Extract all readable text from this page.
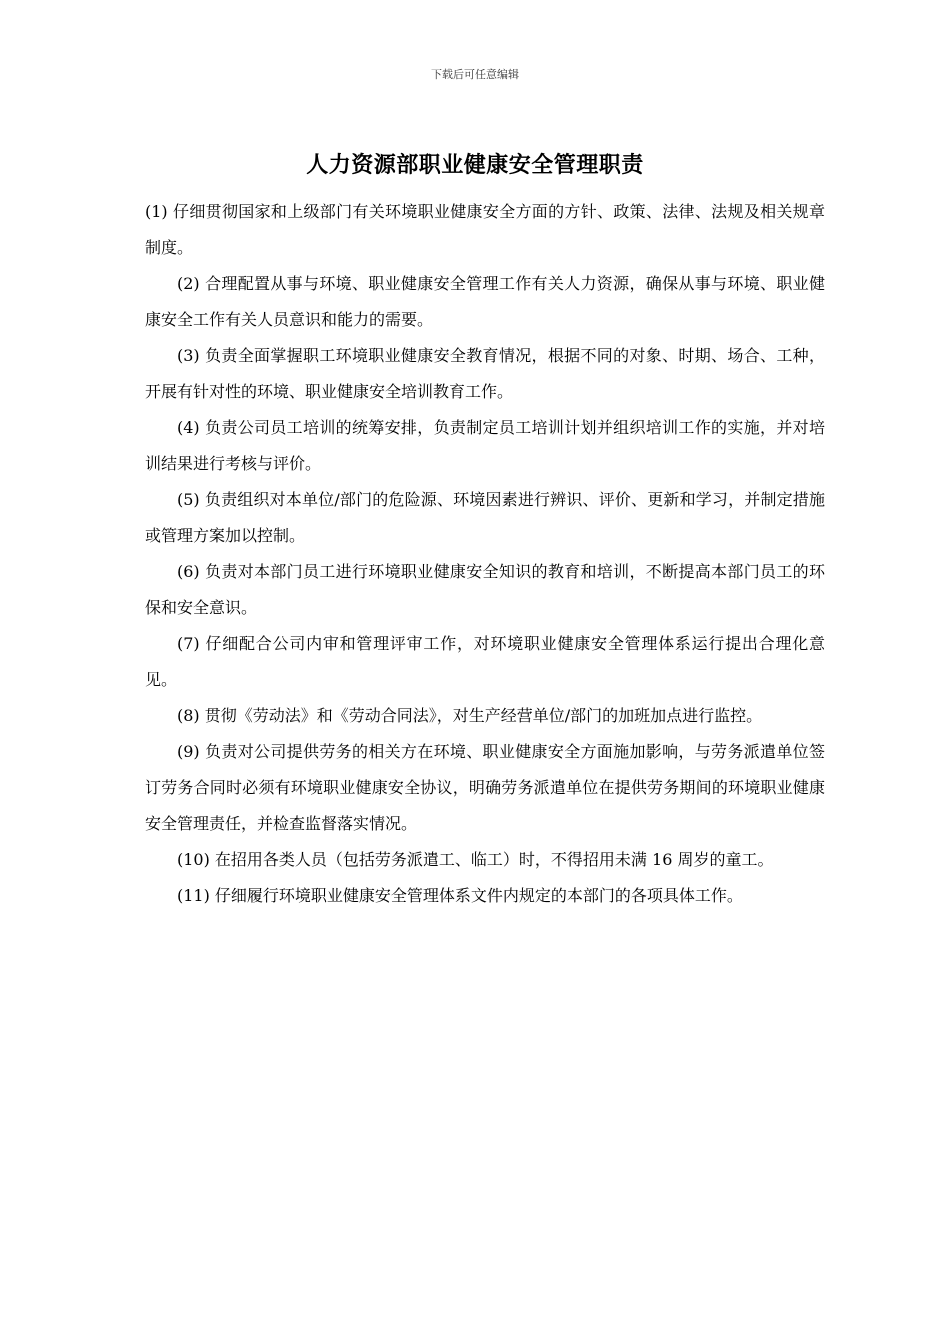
下载后可任意编辑
人力资源部职业健康安全管理职责

(1) 仔细贯彻国家和上级部门有关环境职业健康安全方面的方针、政策、法律、法规及相关规章制度。

(2) 合理配置从事与环境、职业健康安全管理工作有关人力资源，确保从事与环境、职业健康安全工作有关人员意识和能力的需要。

(3) 负责全面掌握职工环境职业健康安全教育情况，根据不同的对象、时期、场合、工种，开展有针对性的环境、职业健康安全培训教育工作。

(4) 负责公司员工培训的统筹安排，负责制定员工培训计划并组织培训工作的实施，并对培训结果进行考核与评价。

(5) 负责组织对本单位/部门的危险源、环境因素进行辨识、评价、更新和学习，并制定措施或管理方案加以控制。

(6) 负责对本部门员工进行环境职业健康安全知识的教育和培训，不断提高本部门员工的环保和安全意识。

(7) 仔细配合公司内审和管理评审工作，对环境职业健康安全管理体系运行提出合理化意见。

(8) 贯彻《劳动法》和《劳动合同法》，对生产经营单位/部门的加班加点进行监控。

(9) 负责对公司提供劳务的相关方在环境、职业健康安全方面施加影响，与劳务派遣单位签订劳务合同时必须有环境职业健康安全协议，明确劳务派遣单位在提供劳务期间的环境职业健康安全管理责任，并检查监督落实情况。

(10) 在招用各类人员（包括劳务派遣工、临工）时，不得招用未满 16 周岁的童工。

(11) 仔细履行环境职业健康安全管理体系文件内规定的本部门的各项具体工作。
